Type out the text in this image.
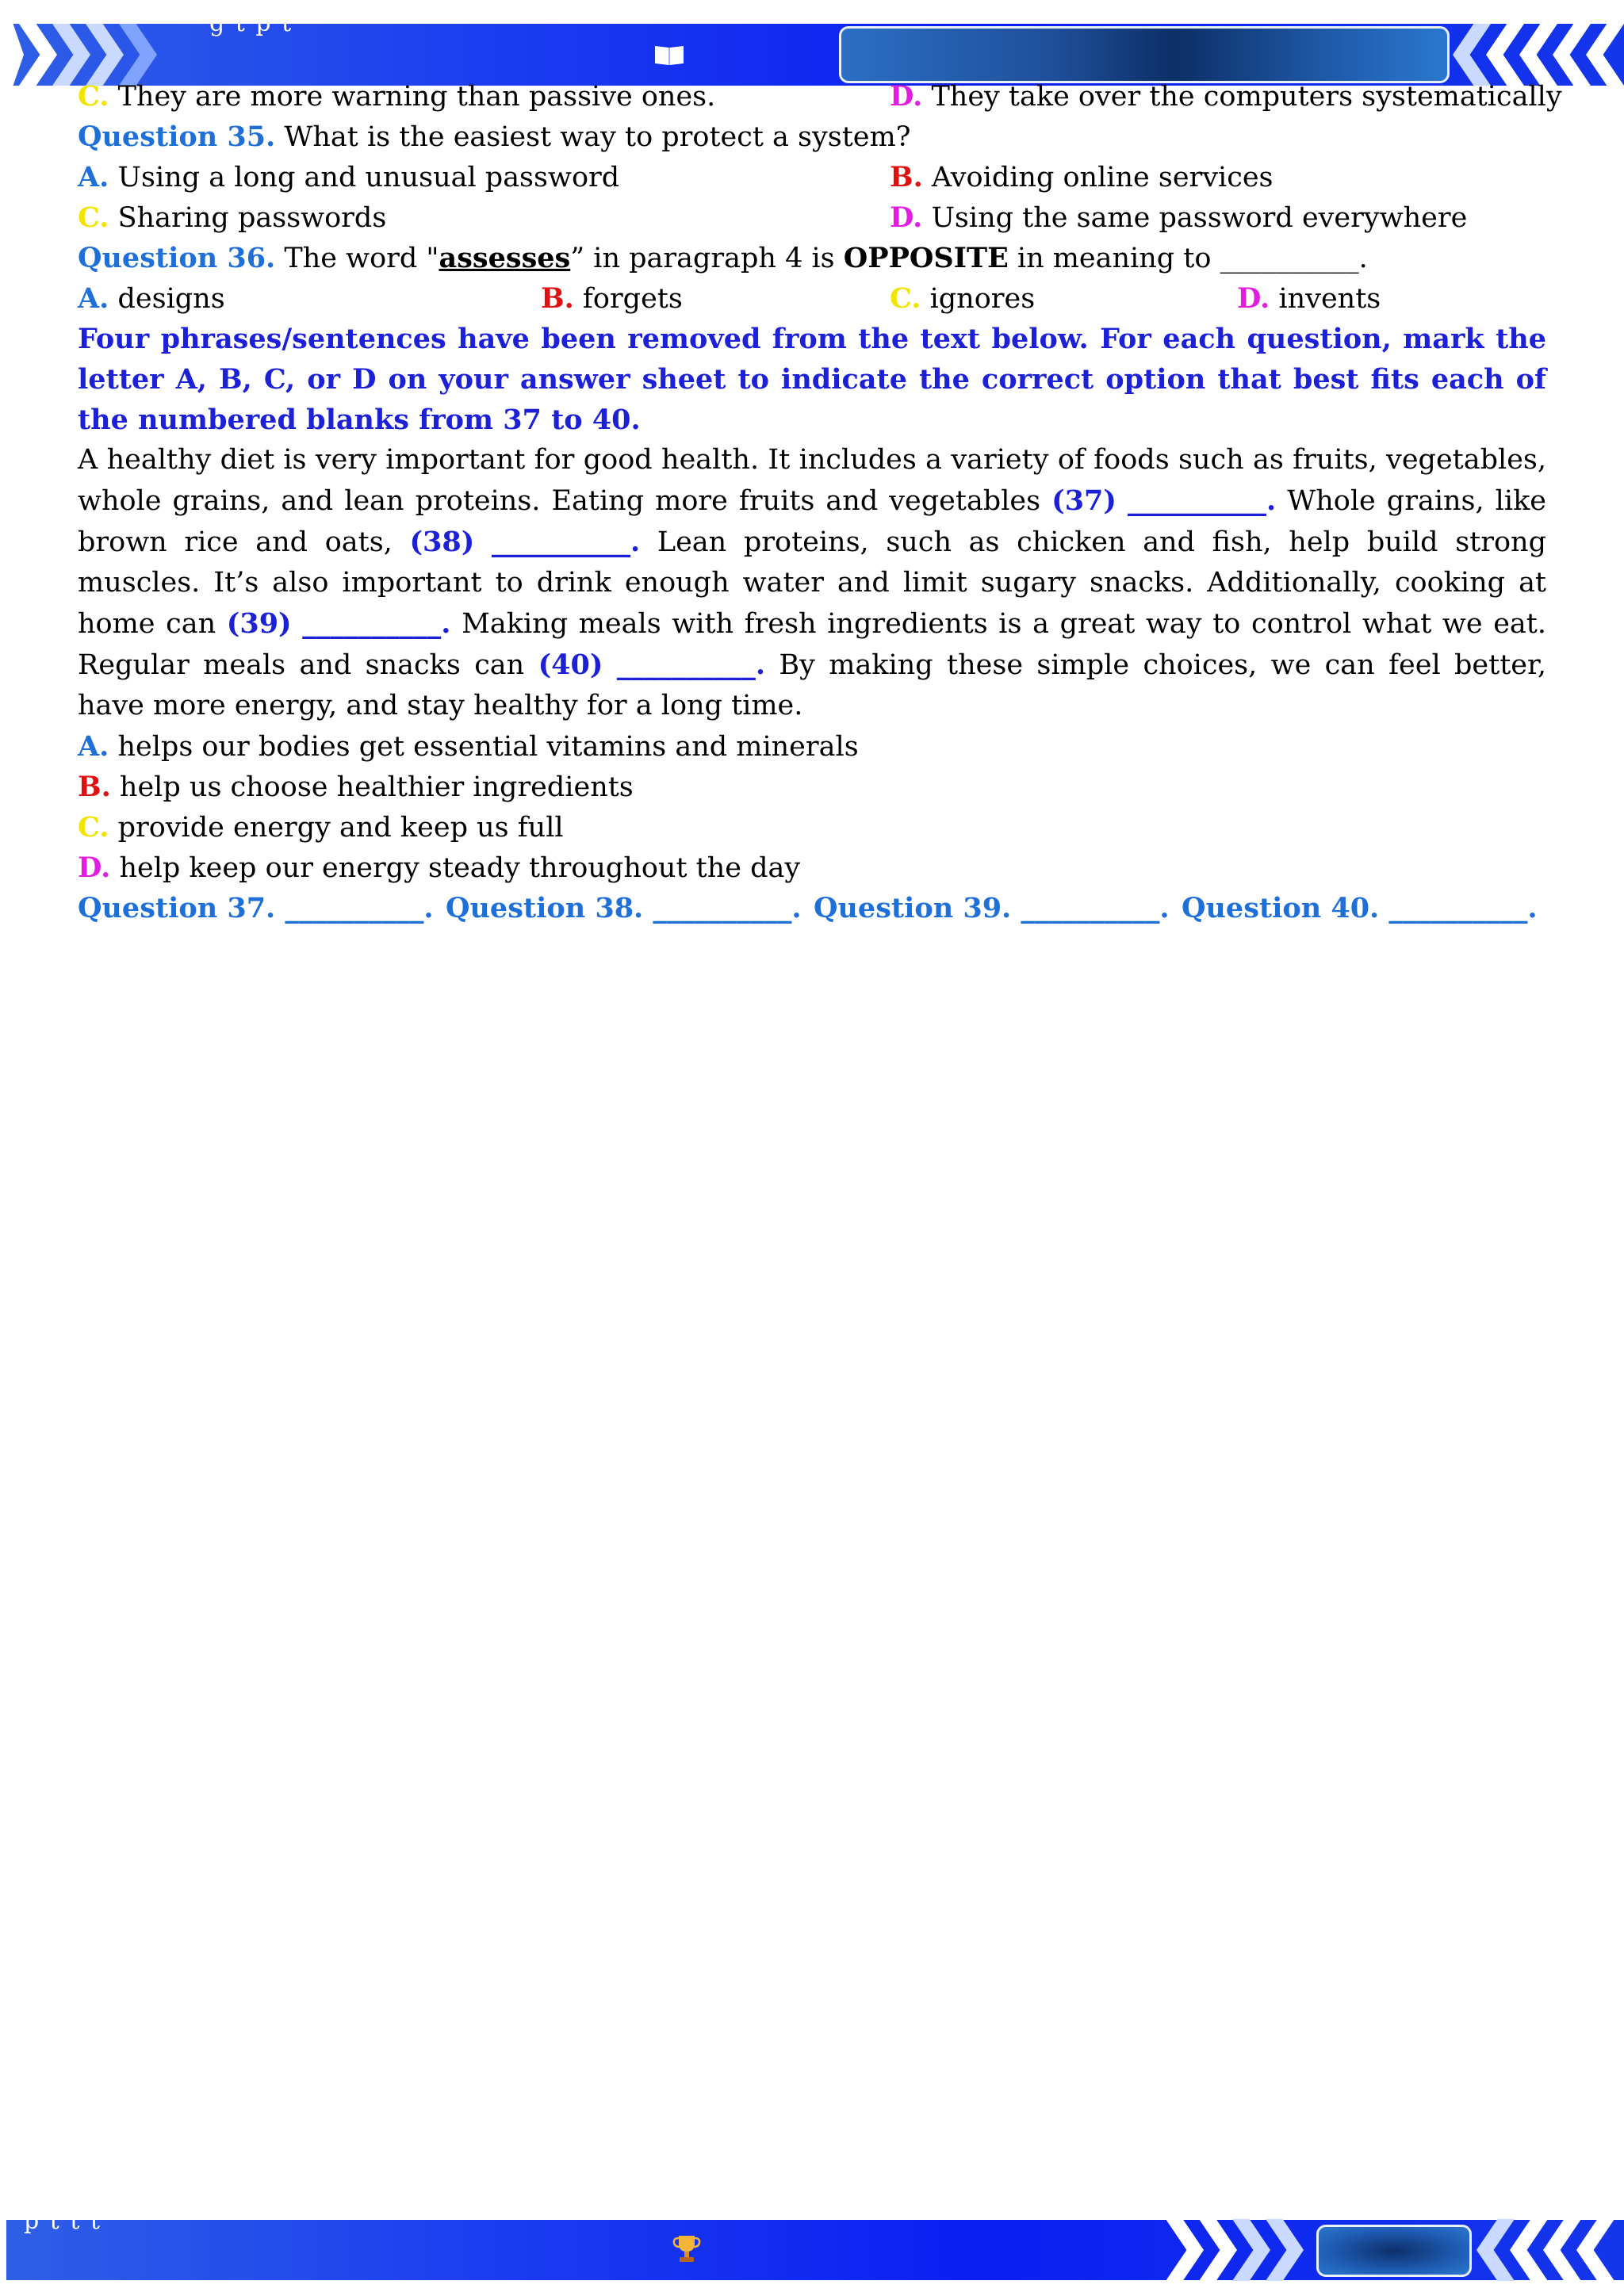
g t p t
C. They are more warning than passive ones.	D. They take over the computers systematically
Question 35. What is the easiest way to protect a system?
A. Using a long and unusual password	B. Avoiding online services
C. Sharing passwords	D. Using the same password everywhere
Question 36. The word "assesses” in paragraph 4 is OPPOSITE in meaning to __________.
A. designs	B. forgets	C. ignores	D. invents
Four phrases/sentences have been removed from the text below. For each question, mark the letter A, B, C, or D on your answer sheet to indicate the correct option that best fits each of the numbered blanks from 37 to 40.
A healthy diet is very important for good health. It includes a variety of foods such as fruits, vegetables, whole grains, and lean proteins. Eating more fruits and vegetables (37) __________. Whole grains, like brown rice and oats, (38) __________. Lean proteins, such as chicken and fish, help build strong muscles. It’s also important to drink enough water and limit sugary snacks. Additionally, cooking at home can (39) __________. Making meals with fresh ingredients is a great way to control what we eat. Regular meals and snacks can (40) __________. By making these simple choices, we can feel better, have more energy, and stay healthy for a long time.
A. helps our bodies get essential vitamins and minerals
B. help us choose healthier ingredients
C. provide energy and keep us full
D. help keep our energy steady throughout the day
Question 37. __________. Question 38. __________. Question 39. __________. Question 40. __________.
p t t t
